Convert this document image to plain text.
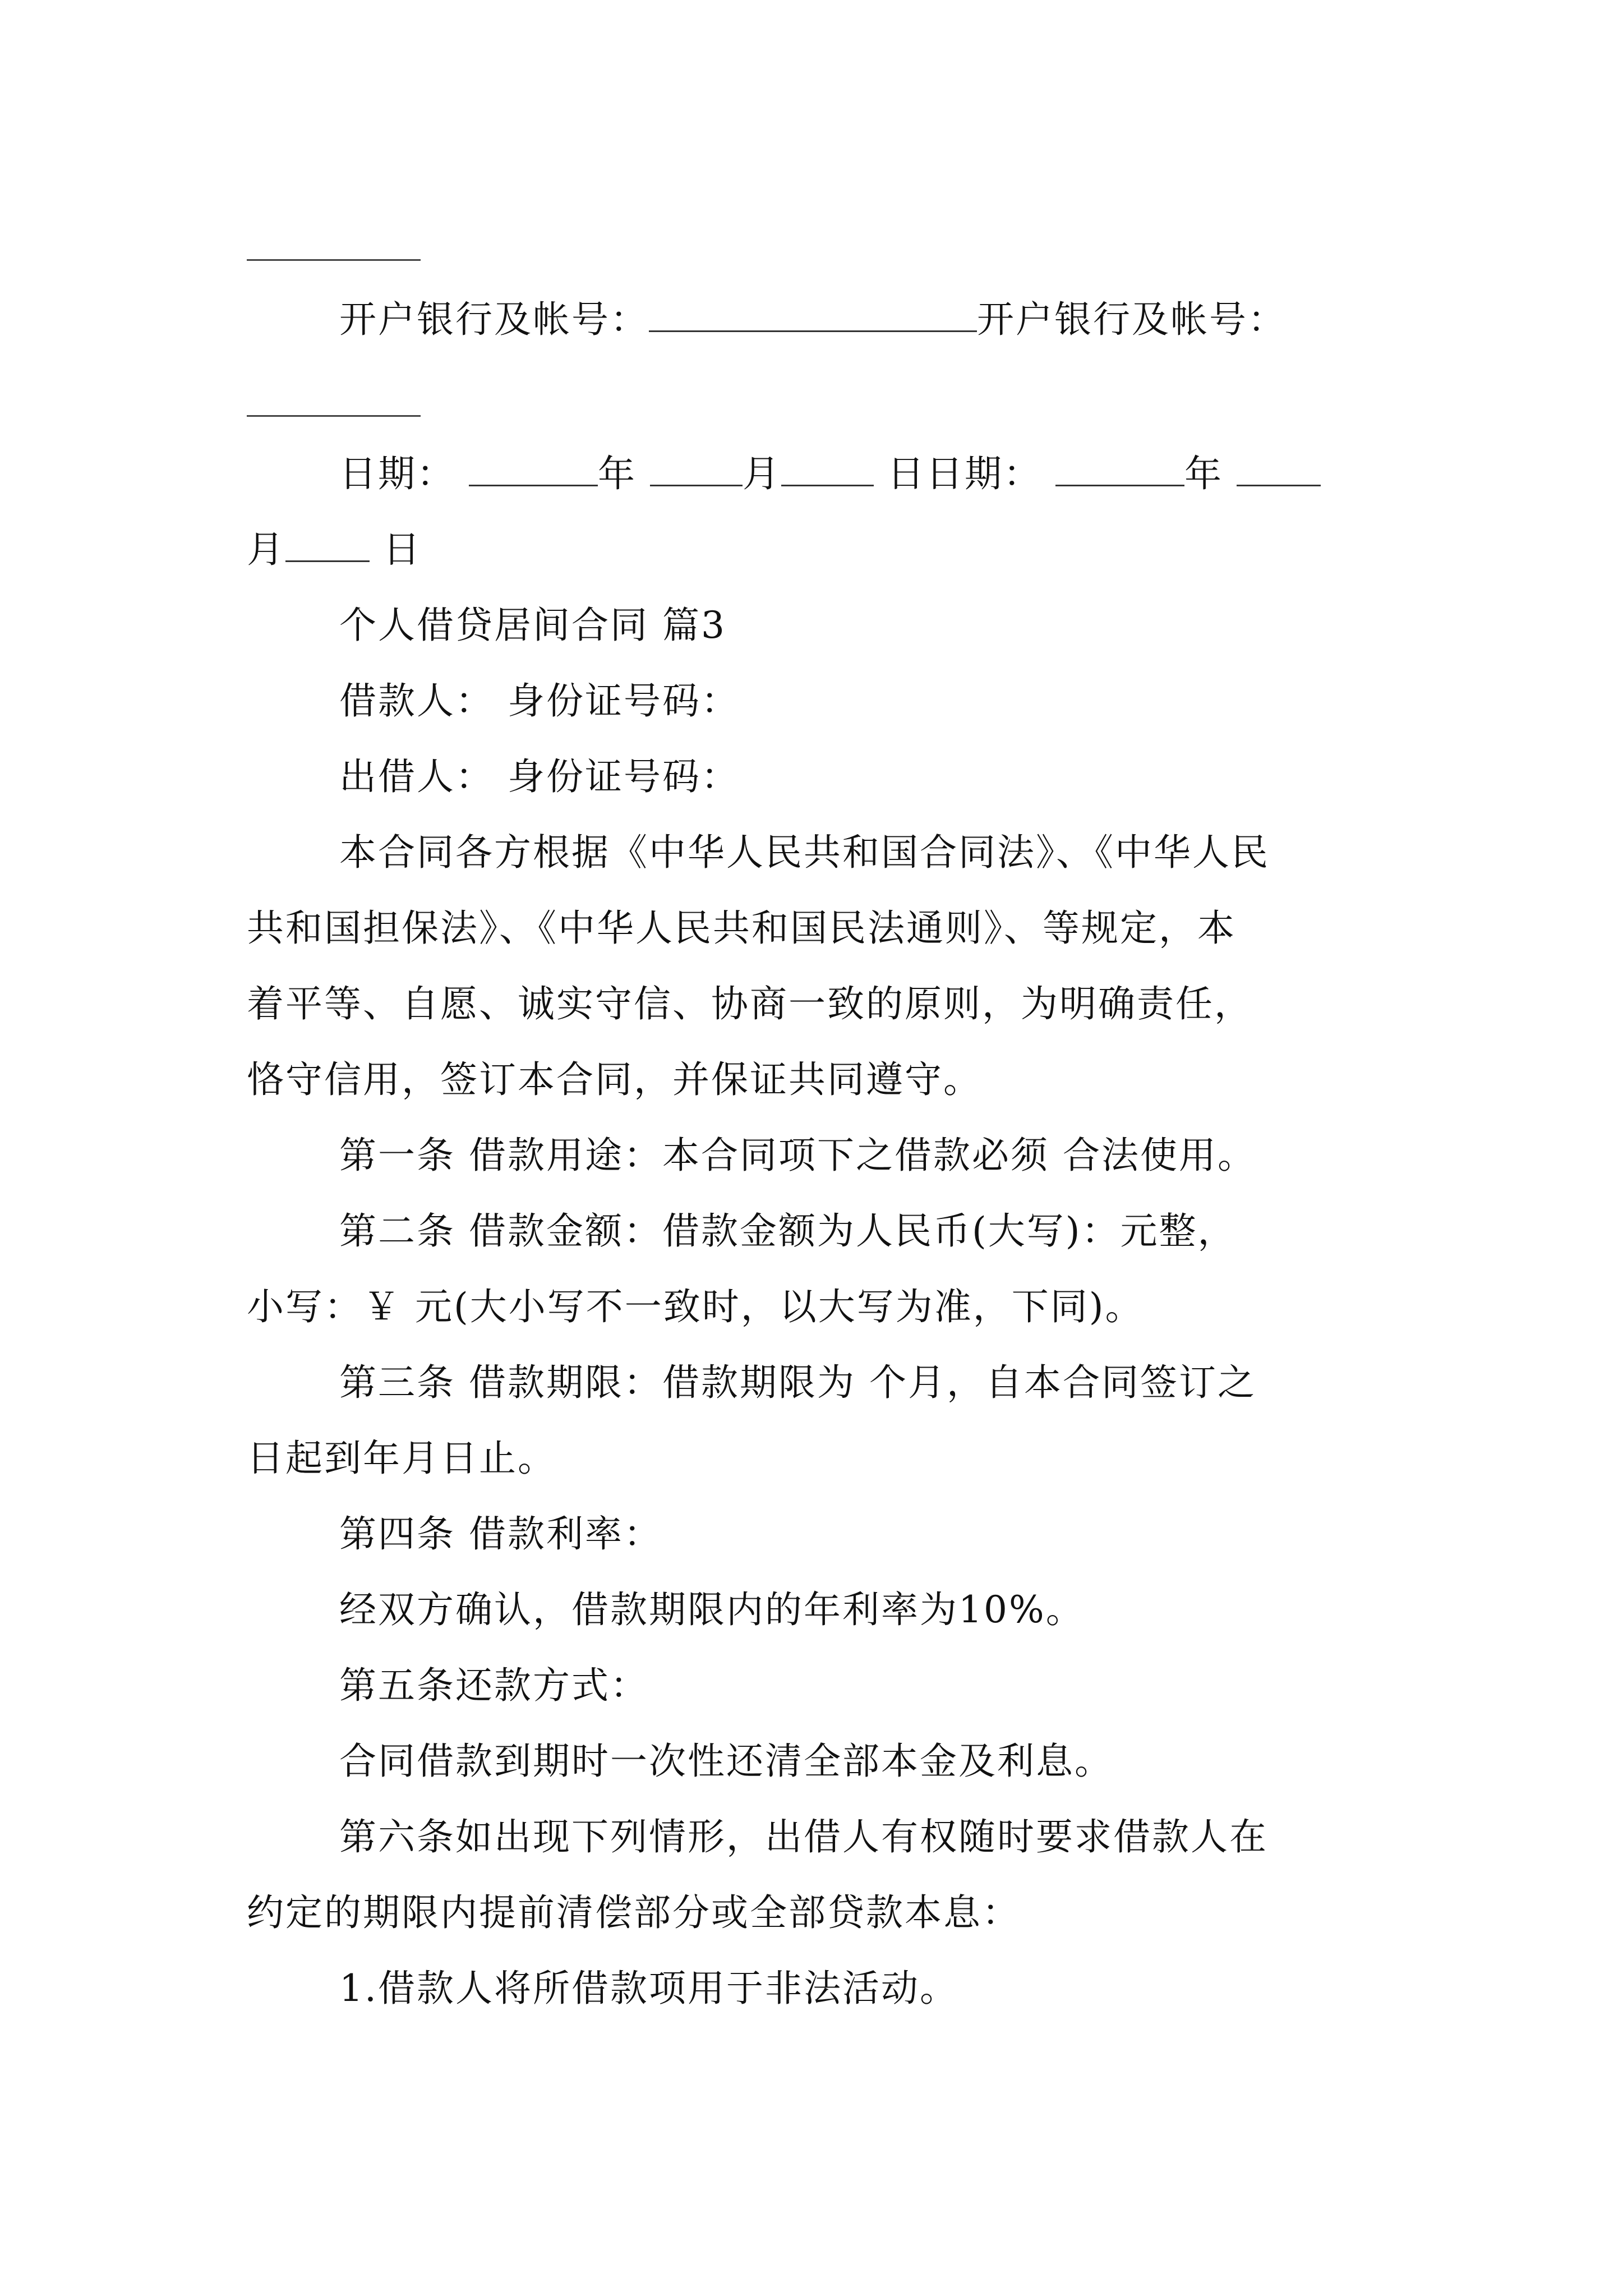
开户银行及帐号：	开户银行及帐号：
日期：	年	月	日日期：	年
月	日
个人借贷居间合同 篇3
借款人： 身份证号码：
出借人： 身份证号码：
本合同各方根据《中华人民共和国合同法》、《中华人民
共和国担保法》、《中华人民共和国民法通则》、等规定，本
着平等、自愿、诚实守信、协商一致的原则，为明确责任，
恪守信用，签订本合同，并保证共同遵守。
第一条 借款用途：本合同项下之借款必须 合法使用。
第二条 借款金额：借款金额为人民币(大写)：元整，
小写：￥ 元(大小写不一致时，以大写为准，下同)。
第三条 借款期限：借款期限为 个月，自本合同签订之
日起到年月日止。
第四条 借款利率：
经双方确认，借款期限内的年利率为10%。
第五条还款方式：
合同借款到期时一次性还清全部本金及利息。
第六条如出现下列情形，出借人有权随时要求借款人在
约定的期限内提前清偿部分或全部贷款本息：
1.借款人将所借款项用于非法活动。
